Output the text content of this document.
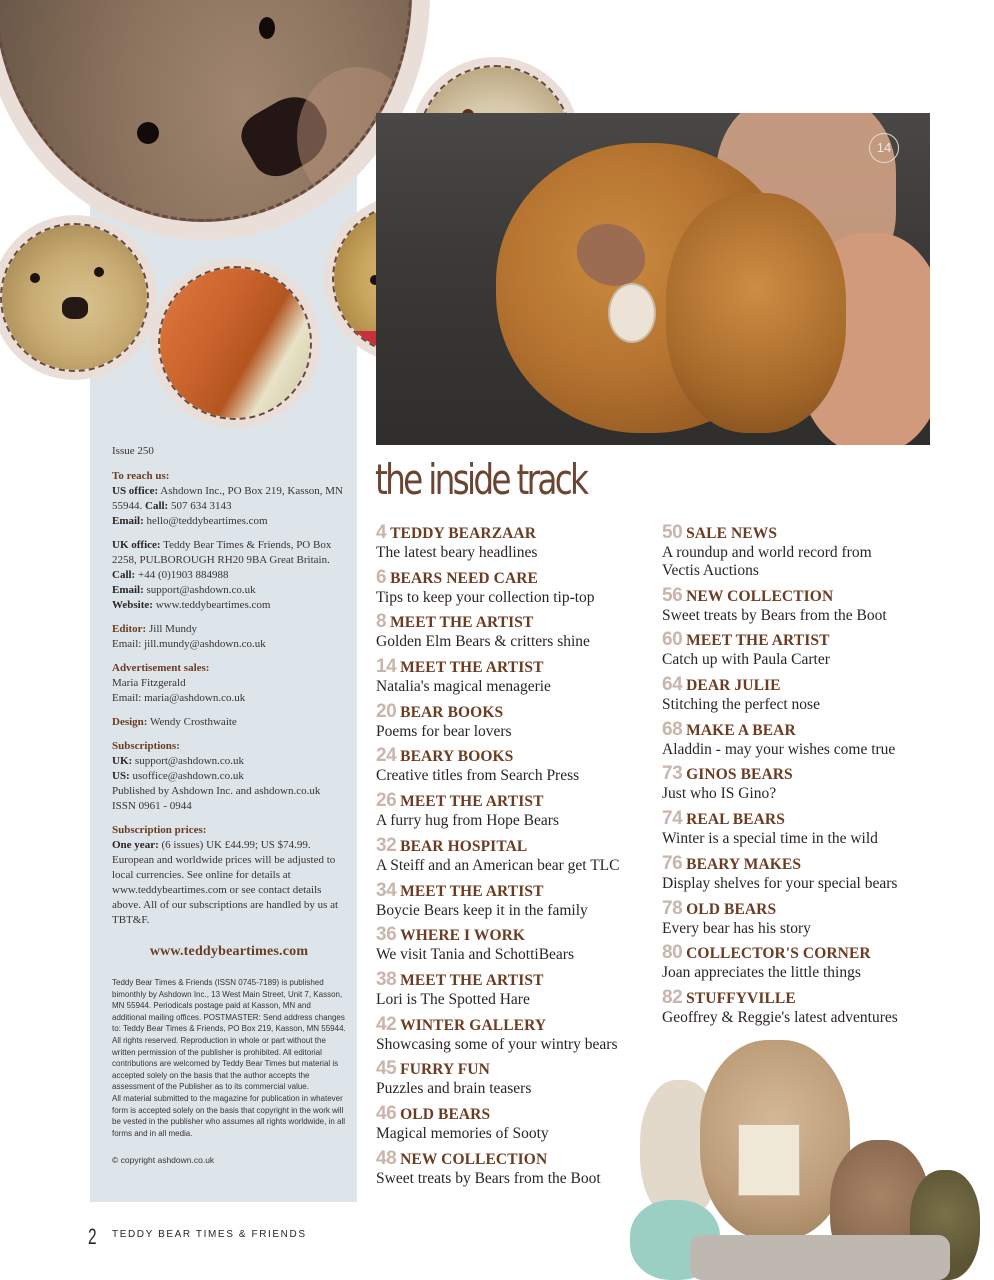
14
the inside track

Issue 250

To reach us:
US office: Ashdown Inc., PO Box 219, Kasson, MN 55944. Call: 507 634 3143
Email: hello@teddybeartimes.com

UK office: Teddy Bear Times & Friends, PO Box 2258, PULBOROUGH RH20 9BA Great Britain. Call: +44 (0)1903 884988
Email: support@ashdown.co.uk
Website: www.teddybeartimes.com

Editor: Jill Mundy
Email: jill.mundy@ashdown.co.uk

Advertisement sales:
Maria Fitzgerald
Email: maria@ashdown.co.uk

Design: Wendy Crosthwaite

Subscriptions:
UK: support@ashdown.co.uk
US: usoffice@ashdown.co.uk
Published by Ashdown Inc. and ashdown.co.uk ISSN 0961 - 0944

Subscription prices:
One year: (6 issues) UK £44.99; US $74.99.
European and worldwide prices will be adjusted to local currencies. See online for details at www.teddybeartimes.com or see contact details above. All of our subscriptions are handled by us at TBT&F.

www.teddybeartimes.com

Teddy Bear Times & Friends (ISSN 0745-7189) is published bimonthly by Ashdown Inc., 13 West Main Street, Unit 7, Kasson, MN 55944. Periodicals postage paid at Kasson, MN and additional mailing offices. POSTMASTER: Send address changes to: Teddy Bear Times & Friends, PO Box 219, Kasson, MN 55944.
All rights reserved. Reproduction in whole or part without the written permission of the publisher is prohibited. All editorial contributions are welcomed by Teddy Bear Times but material is accepted solely on the basis that the author accepts the assessment of the Publisher as to its commercial value.
All material submitted to the magazine for publication in whatever form is accepted solely on the basis that copyright in the work will be vested in the publisher who assumes all rights worldwide, in all forms and in all media.

© copyright ashdown.co.uk

4 TEDDY BEARZAAR
The latest beary headlines
6 BEARS NEED CARE
Tips to keep your collection tip-top
8 MEET THE ARTIST
Golden Elm Bears & critters shine
14 MEET THE ARTIST
Natalia's magical menagerie
20 BEAR BOOKS
Poems for bear lovers
24 BEARY BOOKS
Creative titles from Search Press
26 MEET THE ARTIST
A furry hug from Hope Bears
32 BEAR HOSPITAL
A Steiff and an American bear get TLC
34 MEET THE ARTIST
Boycie Bears keep it in the family
36 WHERE I WORK
We visit Tania and SchottiBears
38 MEET THE ARTIST
Lori is The Spotted Hare
42 WINTER GALLERY
Showcasing some of your wintry bears
45 FURRY FUN
Puzzles and brain teasers
46 OLD BEARS
Magical memories of Sooty
48 NEW COLLECTION
Sweet treats by Bears from the Boot
50 SALE NEWS
A roundup and world record from Vectis Auctions
56 NEW COLLECTION
Sweet treats by Bears from the Boot
60 MEET THE ARTIST
Catch up with Paula Carter
64 DEAR JULIE
Stitching the perfect nose
68 MAKE A BEAR
Aladdin - may your wishes come true
73 GINOS BEARS
Just who IS Gino?
74 REAL BEARS
Winter is a special time in the wild
76 BEARY MAKES
Display shelves for your special bears
78 OLD BEARS
Every bear has his story
80 COLLECTOR'S CORNER
Joan appreciates the little things
82 STUFFYVILLE
Geoffrey & Reggie's latest adventures
2 TEDDY BEAR TIMES & FRIENDS
